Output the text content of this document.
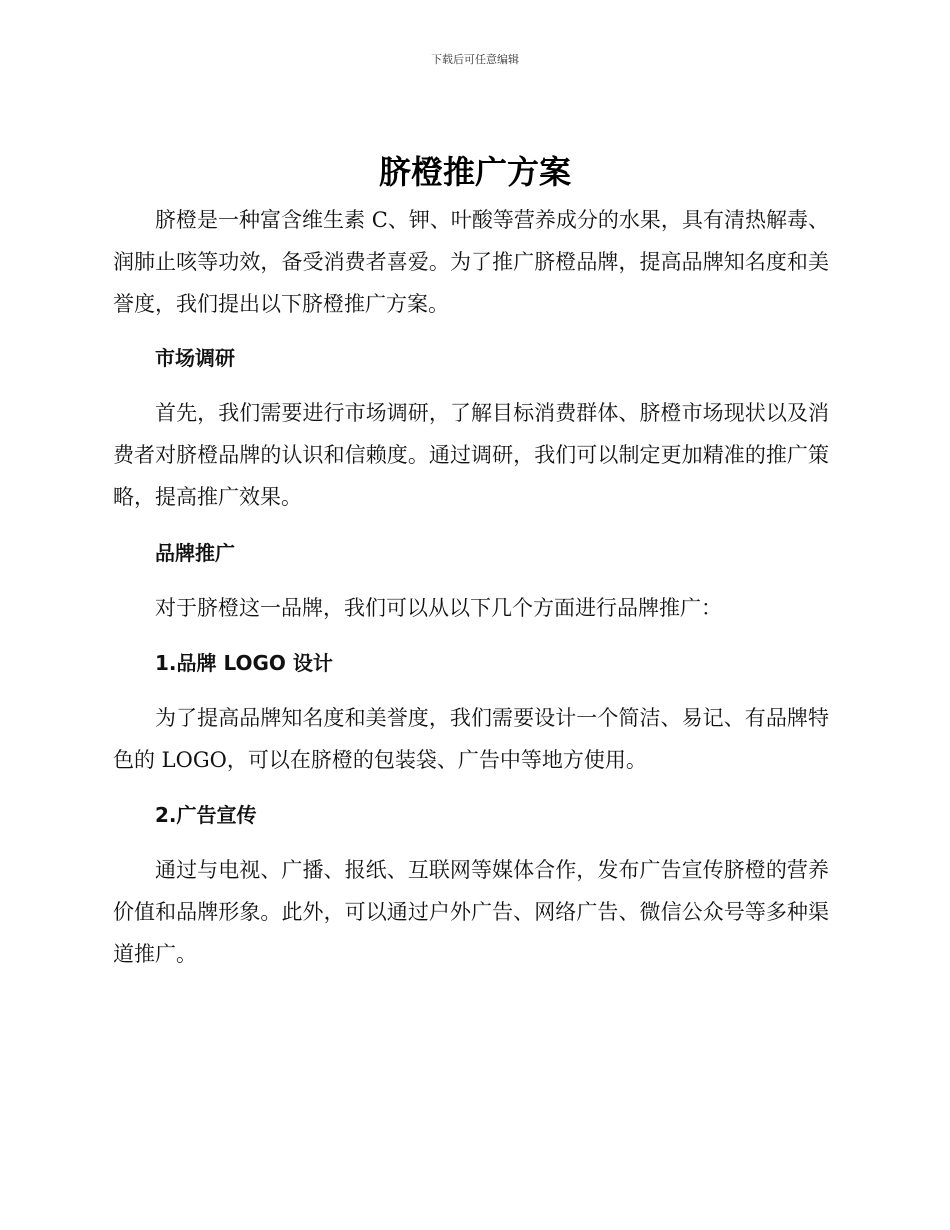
下载后可任意编辑
脐橙推广方案

脐橙是一种富含维生素 C、钾、叶酸等营养成分的水果，具有清热解毒、润肺止咳等功效，备受消费者喜爱。为了推广脐橙品牌，提高品牌知名度和美誉度，我们提出以下脐橙推广方案。

市场调研

首先，我们需要进行市场调研，了解目标消费群体、脐橙市场现状以及消费者对脐橙品牌的认识和信赖度。通过调研，我们可以制定更加精准的推广策略，提高推广效果。

品牌推广

对于脐橙这一品牌，我们可以从以下几个方面进行品牌推广：

1.品牌 LOGO 设计

为了提高品牌知名度和美誉度，我们需要设计一个简洁、易记、有品牌特色的 LOGO，可以在脐橙的包装袋、广告中等地方使用。

2.广告宣传

通过与电视、广播、报纸、互联网等媒体合作，发布广告宣传脐橙的营养价值和品牌形象。此外，可以通过户外广告、网络广告、微信公众号等多种渠道推广。
